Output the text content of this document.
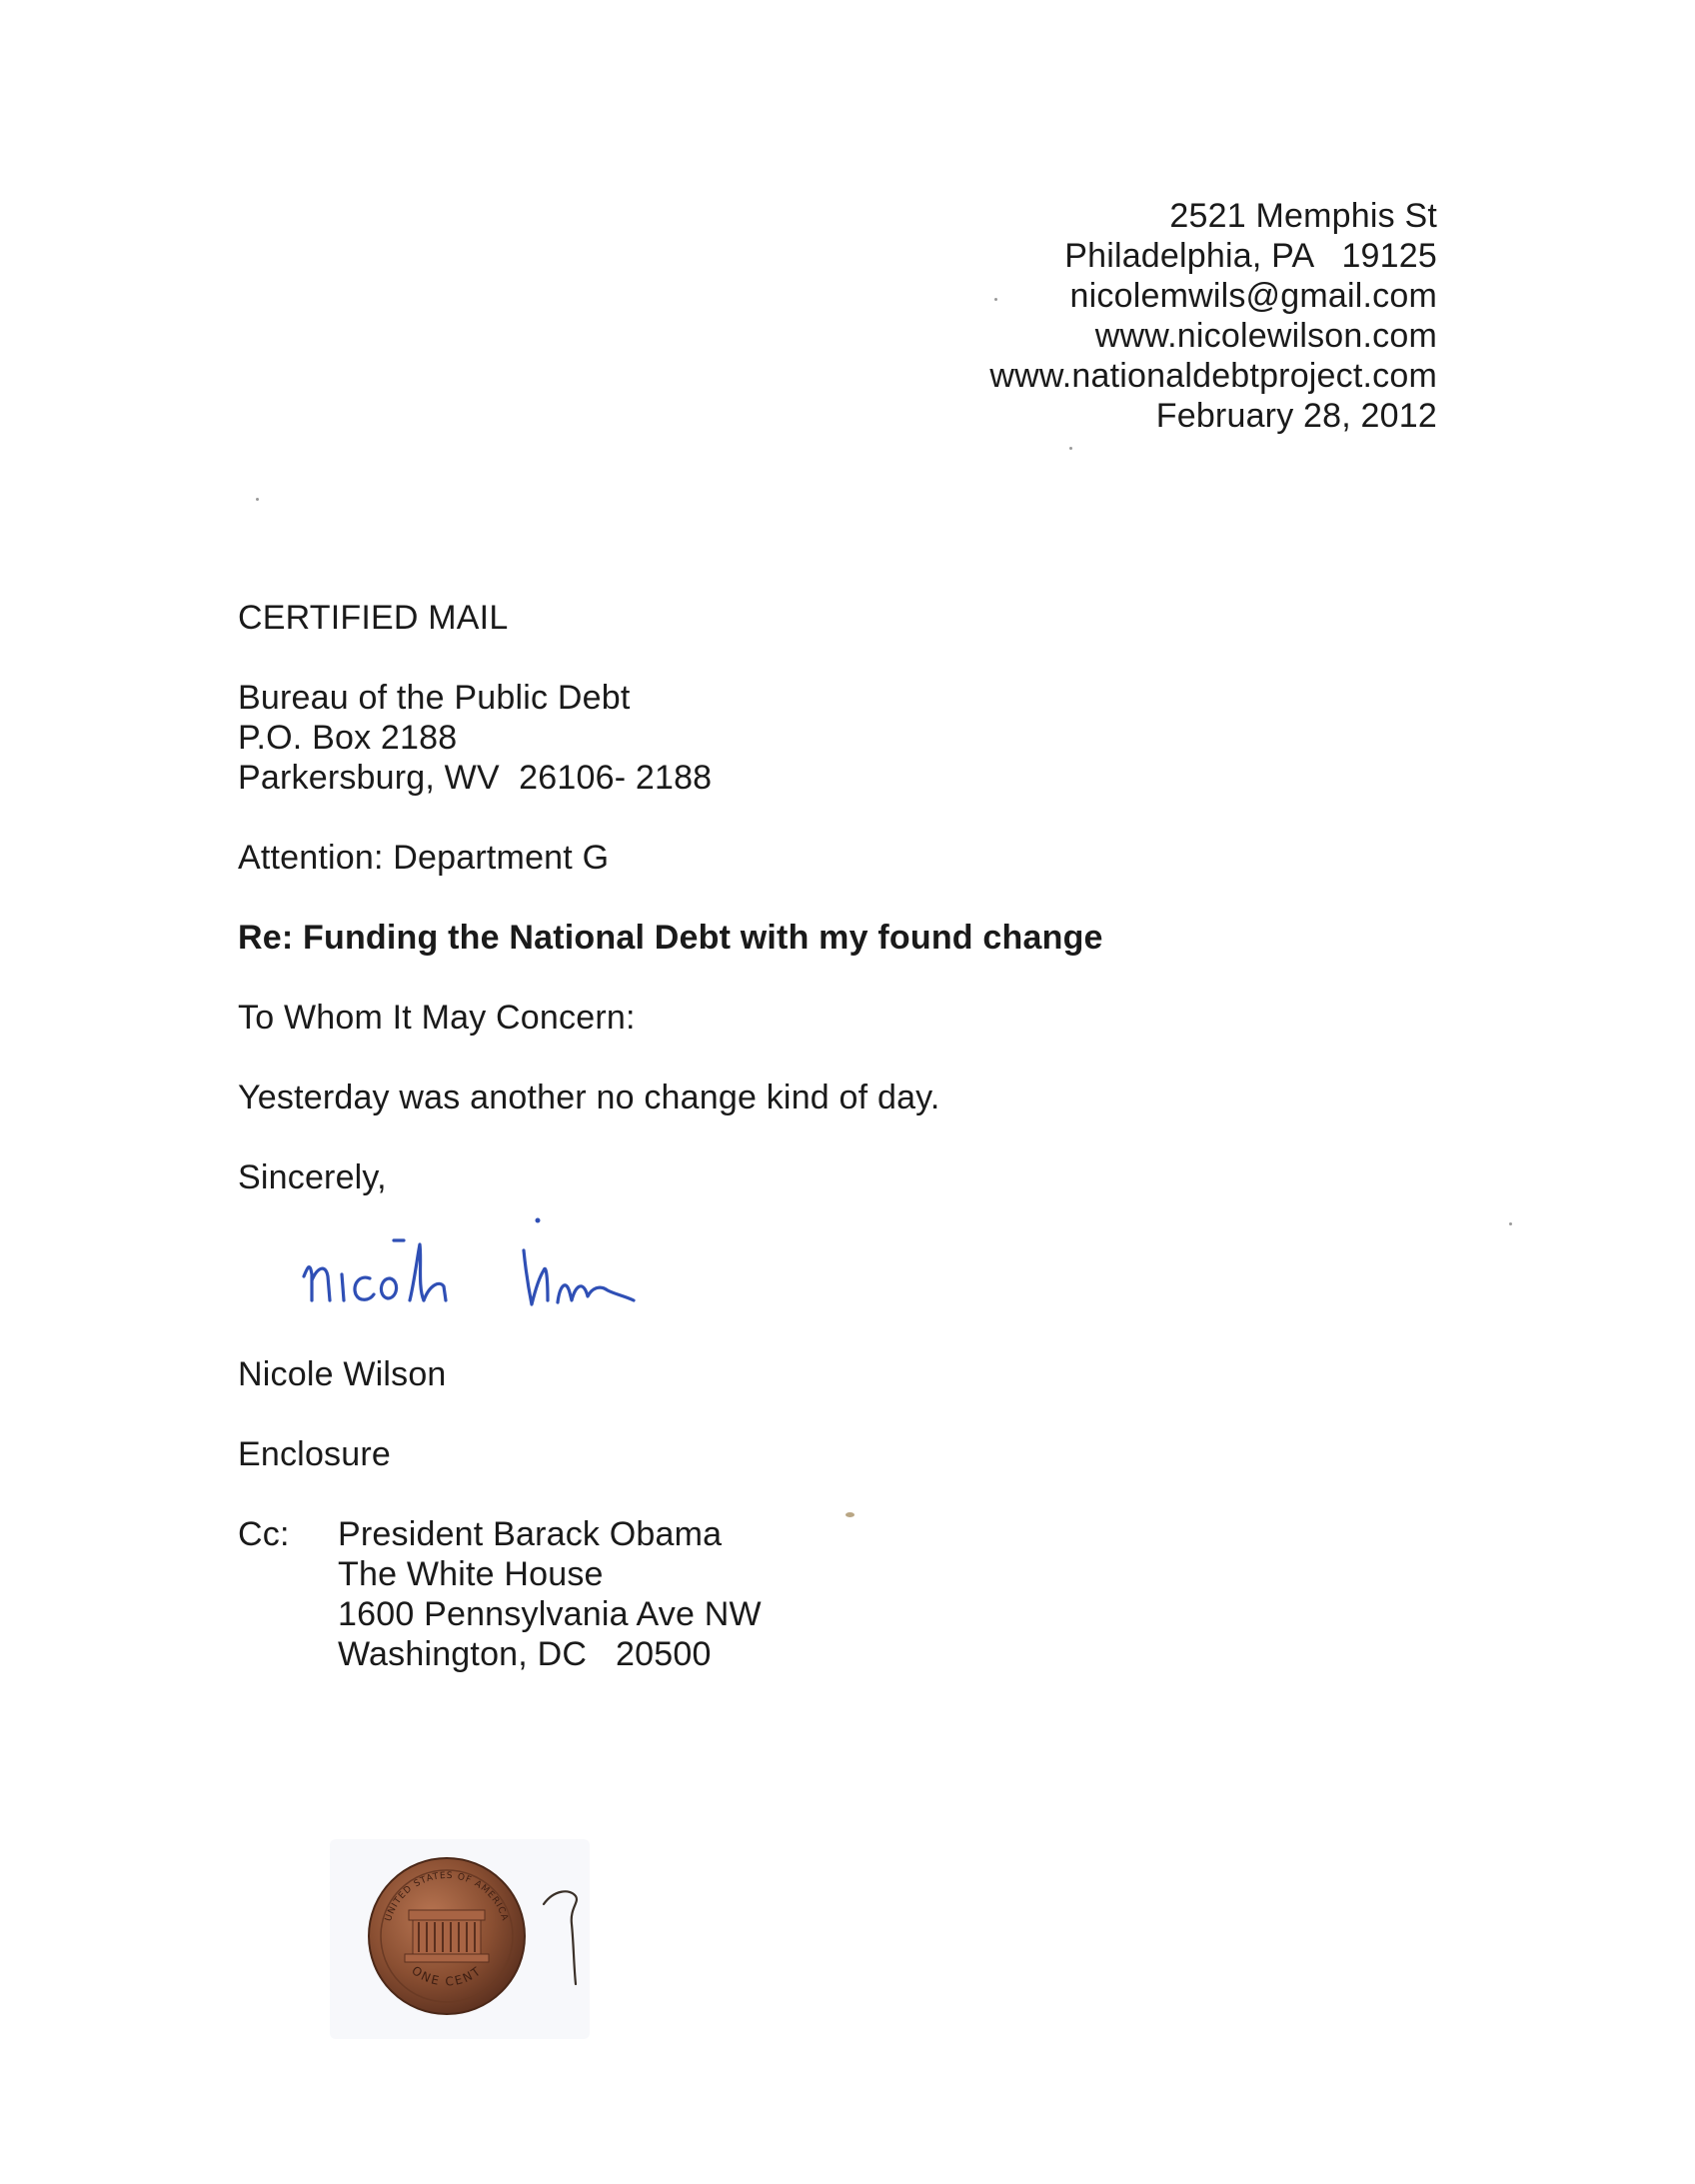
2521 Memphis St
Philadelphia, PA   19125
nicolemwils@gmail.com
www.nicolewilson.com
www.nationaldebtproject.com
February 28, 2012
CERTIFIED MAIL
Bureau of the Public Debt
P.O. Box 2188
Parkersburg, WV  26106- 2188
Attention: Department G
Re: Funding the National Debt with my found change
To Whom It May Concern:
Yesterday was another no change kind of day.
Sincerely,
Nicole Wilson
Enclosure
Cc: President Barack Obama
The White House
1600 Pennsylvania Ave NW
Washington, DC   20500
UNITED STATES OF AMERICA
ONE CENT
